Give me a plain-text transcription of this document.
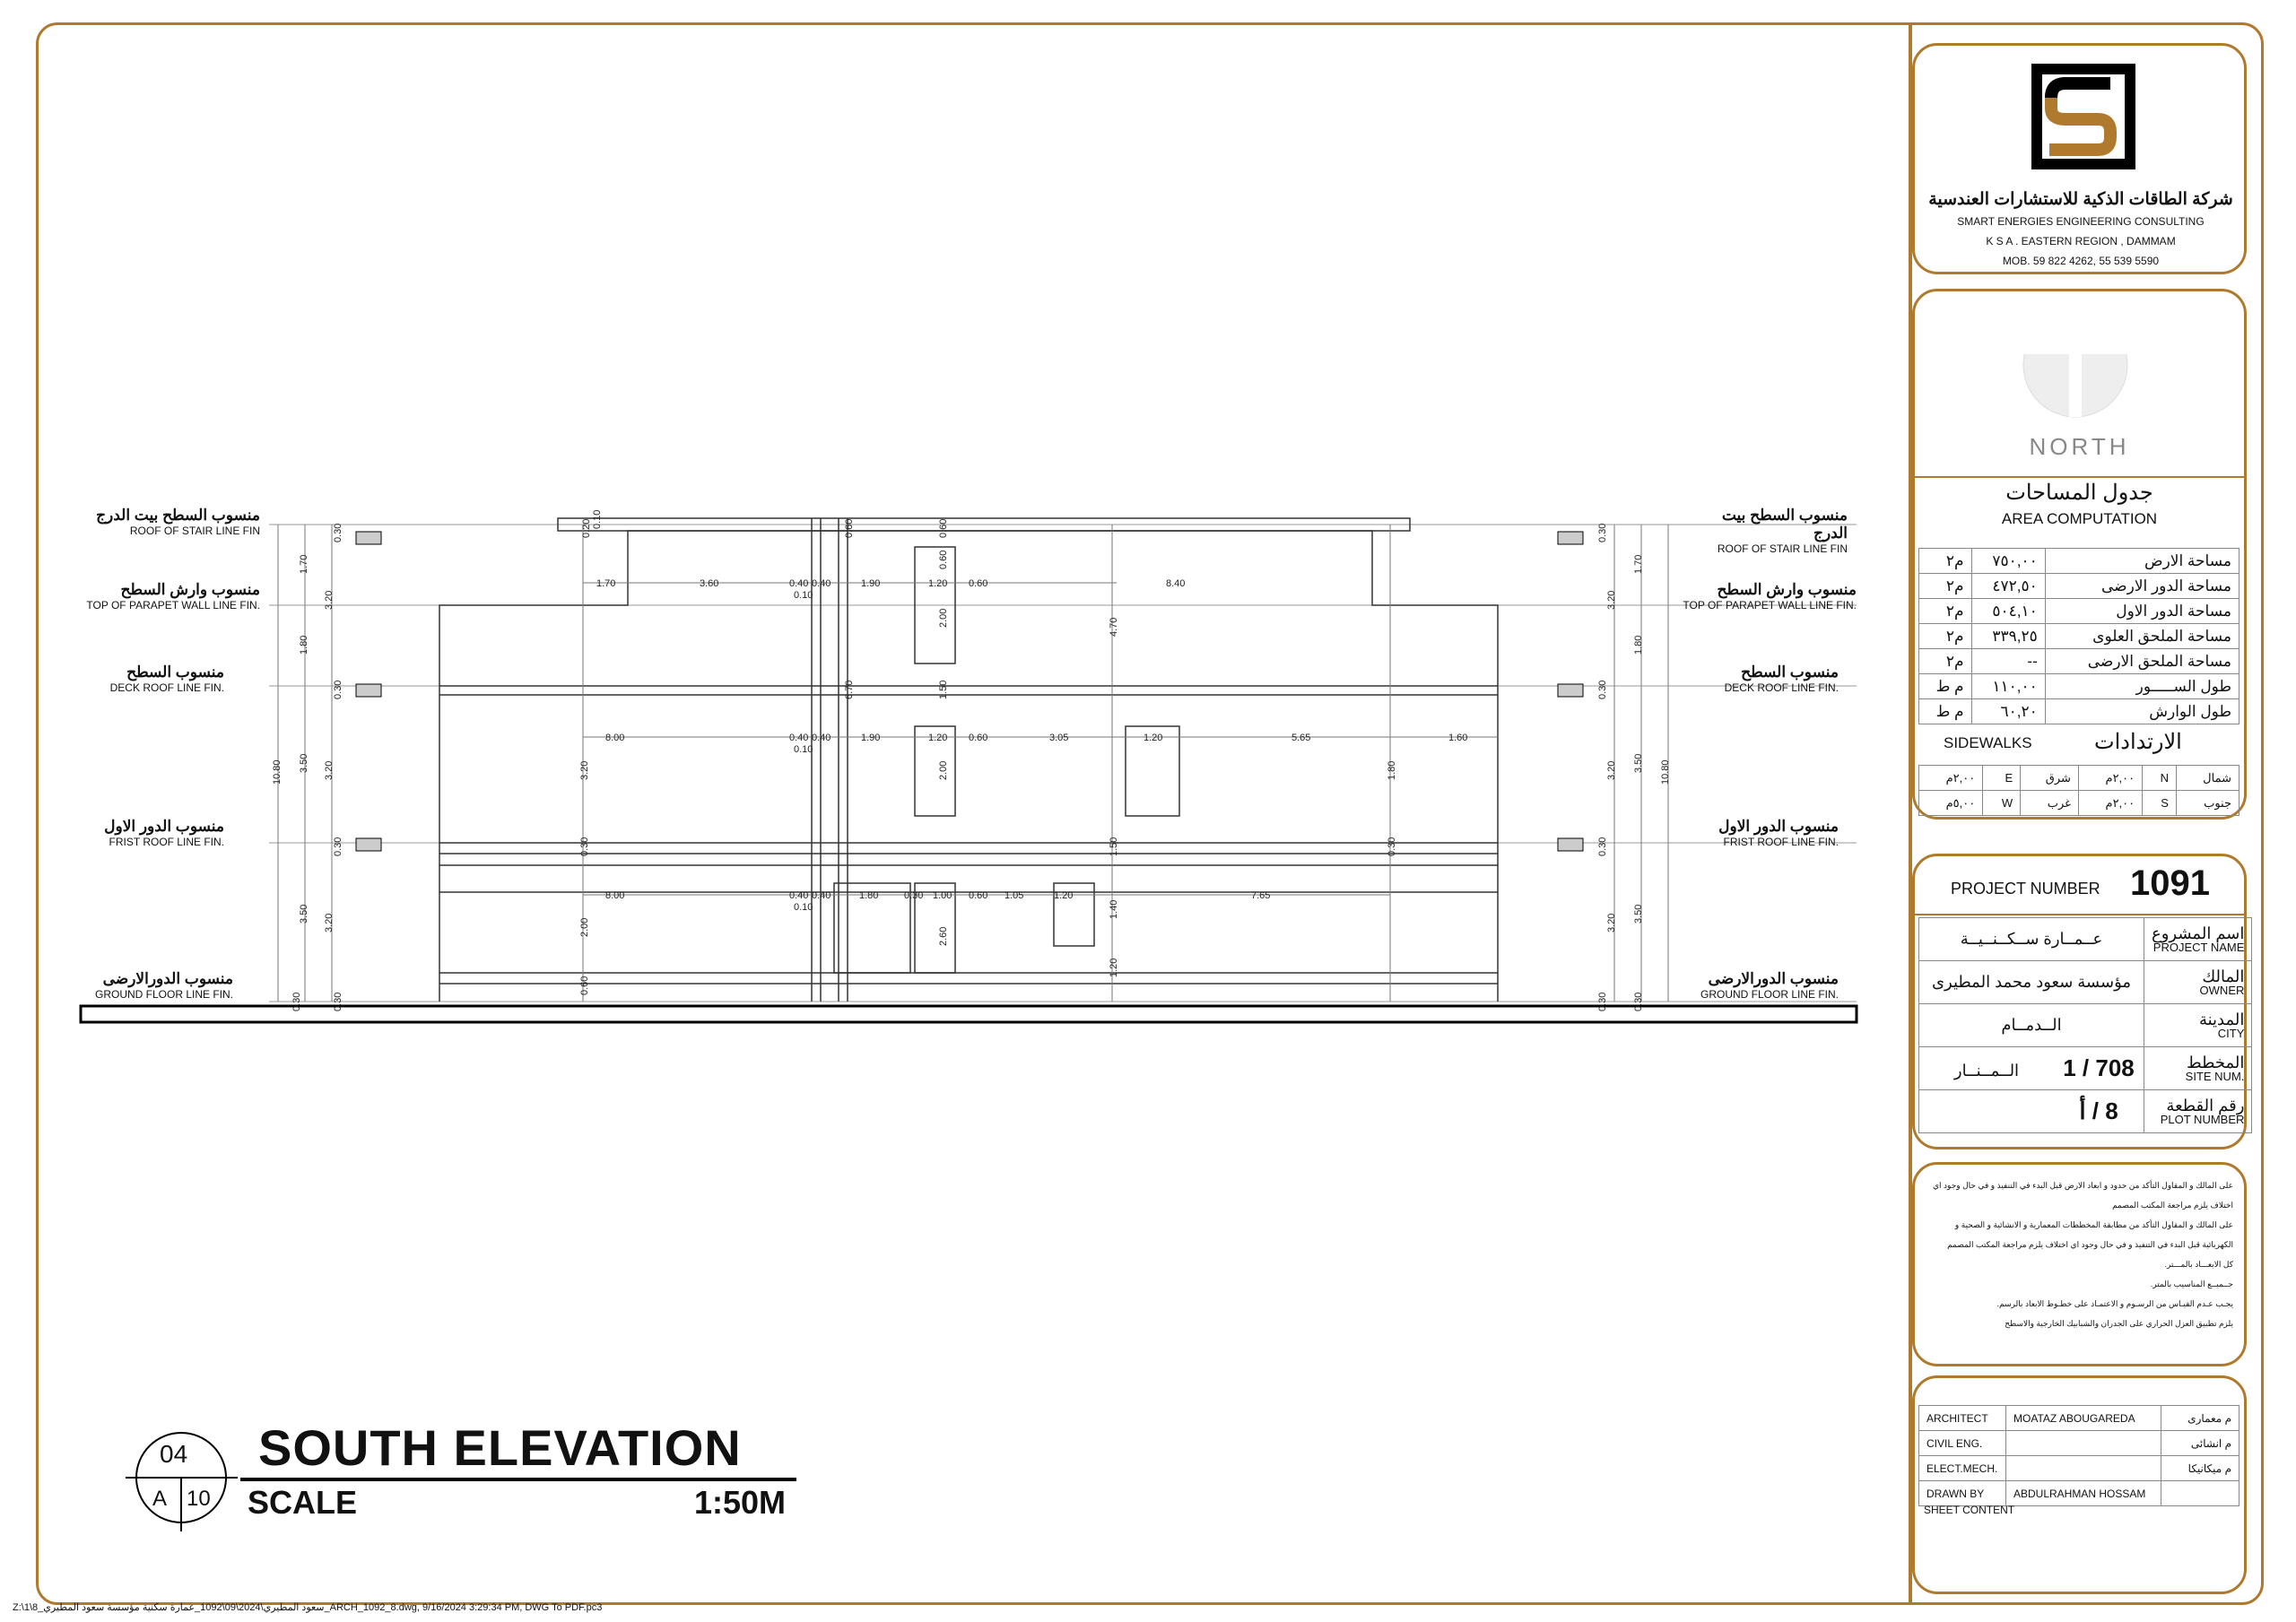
0.30
1.70
3.20
1.80
0.30
3.50 3.20
10.80
0.30
3.50 3.20
0.30	0.30
0.30
1.70
3.20
1.80
0.30
3.50
3.20	10.80
0.30
3.50
3.20
0.30	0.30
1.70	3.60	0.40 0.40
0.10
1.90	1.20 0.60	8.40
8.00	0.40 0.40
0.10
1.90	1.20 0.60	3.05	1.20	5.65	1.60
8.00	0.40 0.40
0.10
1.80	0.30 1.00 0.60 1.05	1.20	7.65
0.20 0.10	0.60	0.60
0.60
4.70
2.00
1.50
6.70
3.20	2.00
1.50
1.40
1.20
2.00	2.60
0.30
0.60
1.80
0.30
منسوب السطح بيت الدرج
ROOF OF STAIR LINE FIN
منسوب وارش السطح
TOP OF PARAPET WALL LINE FIN.
منسوب السطح
DECK ROOF LINE FIN.
منسوب الدور الاول
FRIST ROOF LINE FIN.
منسوب الدورالارضى
GROUND FLOOR LINE FIN.
منسوب السطح بيت الدرج
ROOF OF STAIR LINE FIN
منسوب وارش السطح
TOP OF PARAPET WALL LINE FIN.
منسوب السطح
DECK ROOF LINE FIN.
منسوب الدور الاول
FRIST ROOF LINE FIN.
منسوب الدورالارضى
GROUND FLOOR LINE FIN.
04
A 10
SOUTH ELEVATION
SCALE	1:50M
Z:\1\8_سعود المطيري\2024\09\1092_عمارة سكنية مؤسسة سعود المطيري_ARCH_1092_8.dwg, 9/16/2024 3:29:34 PM, DWG To PDF.pc3
شركة الطاقات الذكية للاستشارات العندسية
SMART ENERGIES ENGINEERING CONSULTING
K S A . EASTERN REGION , DAMMAM
MOB. 59 822 4262, 55 539 5590
NORTH
جدول المساحات
AREA COMPUTATION
مساحة الارض	٧٥٠,٠٠	م٢
مساحة الدور الارضى	٤٧٢,٥٠	م٢
مساحة الدور الاول	٥٠٤,١٠	م٢
مساحة الملحق العلوى	٣٣٩,٢٥	م٢
مساحة الملحق الارضى	--	م٢
طول الســـــور	١١٠,٠٠	م ط
طول الوارش	٦٠,٢٠	م ط
الارتدادات
SIDEWALKS
شمال	N	٢,٠٠م	شرق	E	٢,٠٠م
جنوب	S	٢,٠٠م	غرب	W	٥,٠٠م
PROJECT NUMBER 1091
عــمــارة ســكــنــيــة	اسم المشروع
PROJECT NAME

مؤسسة سعود محمد المطيرى	المالك
OWNER

الــدمــام	المدينة
CITY

الــمــنــار 1 / 708	المخطط
SITE NUM.

8 / أ	رقم القطعة
PLOT NUMBER
على المالك و المقاول التأكد من حدود و ابعاد الارض قبل البدء في التنفيذ و في حال وجود اي اختلاف يلزم مراجعة المكتب المصمم
على المالك و المقاول التأكد من مطابقة المخططات المعمارية و الانشائية و الصحية و الكهربائية قبل البدء في التنفيذ و في حال وجود اي اختلاف يلزم مراجعة المكتب المصمم
كل الابعـــاد بالمـــتر.
جــميــع المناسيب بالمتر.
يجـب عـدم القيـاس من الرسـوم و الاعتمـاد على خطـوط الابعاد بالرسم.
يلزم تطبيق العزل الحراري على الجدران والشبابيك الخارجية والاسطح
ARCHITECT	MOATAZ ABOUGAREDA	م معمارى
CIVIL ENG.		م انشائى
ELECT.MECH.		م ميكانيكا
DRAWN BY	ABDULRAHMAN HOSSAM	
SHEET CONTENT
